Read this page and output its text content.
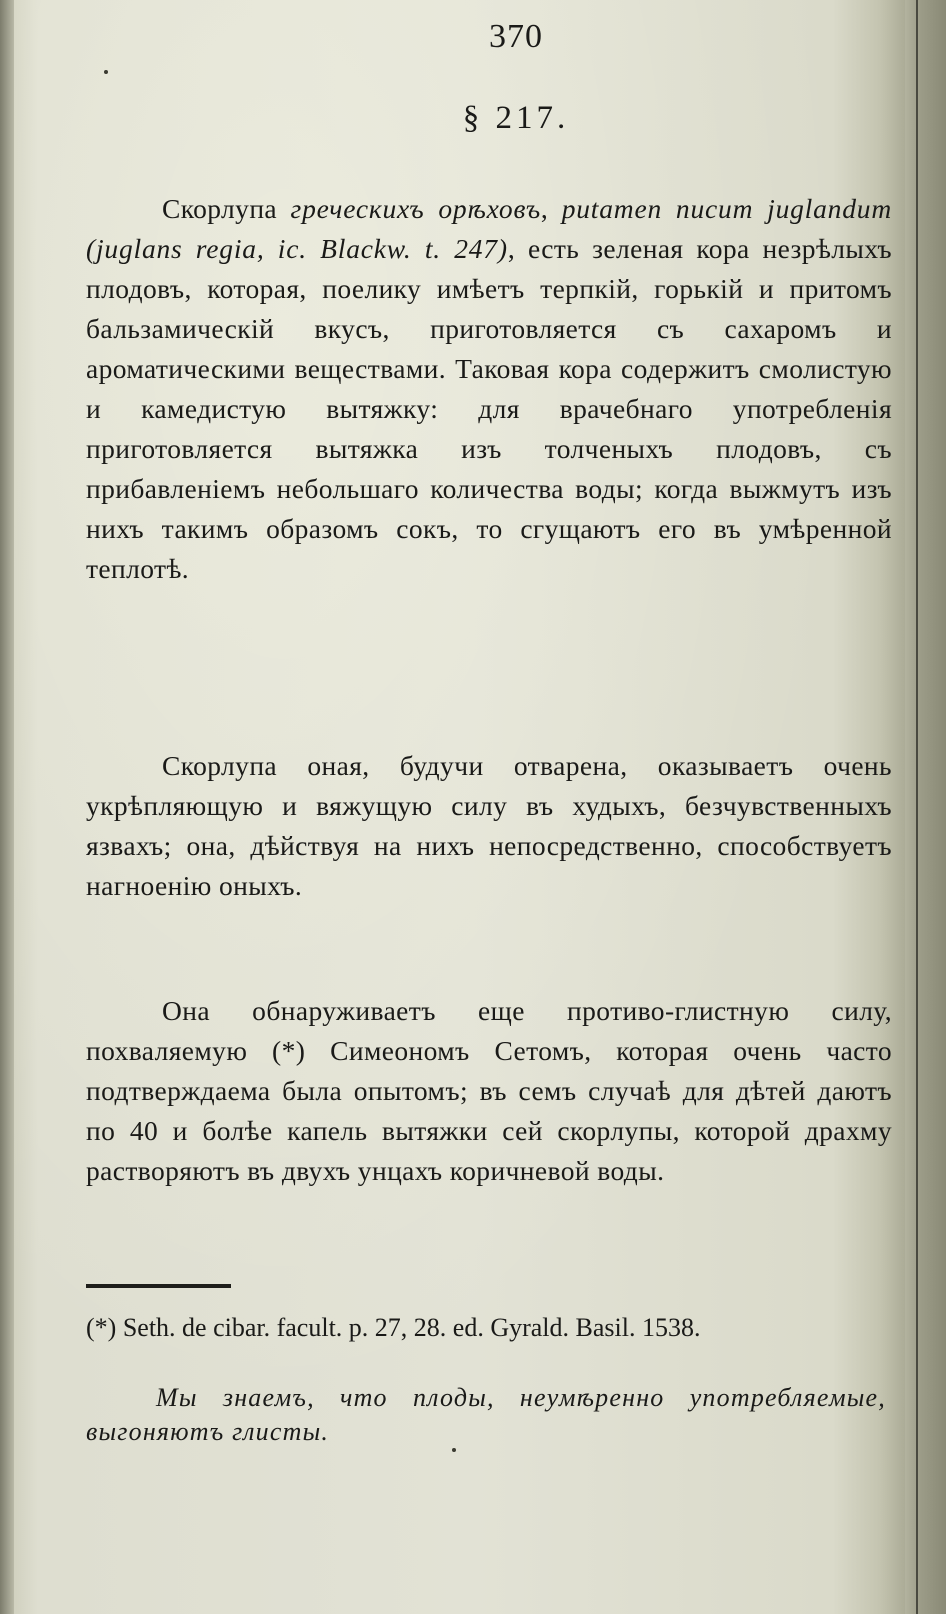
370
§ 217.

Скорлупа греческихъ орѣховъ, putamen nucum juglandum (juglans regia, ic. Blackw. t. 247), есть зеленая кора незрѣлыхъ плодовъ, которая, поелику имѣетъ терпкій, горькій и притомъ бальзамическій вкусъ, приготовляется съ сахаромъ и ароматическими веществами. Таковая кора содержитъ смолистую и камедистую вытяжку: для врачебнаго употребленія приготовляется вытяжка изъ толченыхъ плодовъ, съ прибавленіемъ небольшаго количества воды; когда выжмутъ изъ нихъ такимъ образомъ сокъ, то сгущаютъ его въ умѣренной теплотѣ.

Скорлупа оная, будучи отварена, оказываетъ очень укрѣпляющую и вяжущую силу въ худыхъ, безчувственныхъ язвахъ; она, дѣйствуя на нихъ непосредственно, способствуетъ нагноенію оныхъ.

Она обнаруживаетъ еще противо-глистную силу, похваляемую (*) Симеономъ Сетомъ, которая очень часто подтверждаема была опытомъ; въ семъ случаѣ для дѣтей даютъ по 40 и болѣе капель вытяжки сей скорлупы, которой драхму растворяютъ въ двухъ унцахъ коричневой воды.

(*) Seth. de cibar. facult. p. 27, 28. ed. Gyrald. Basil. 1538.
Мы знаемъ, что плоды, неумѣренно употребляемые, выгоняютъ глисты.
